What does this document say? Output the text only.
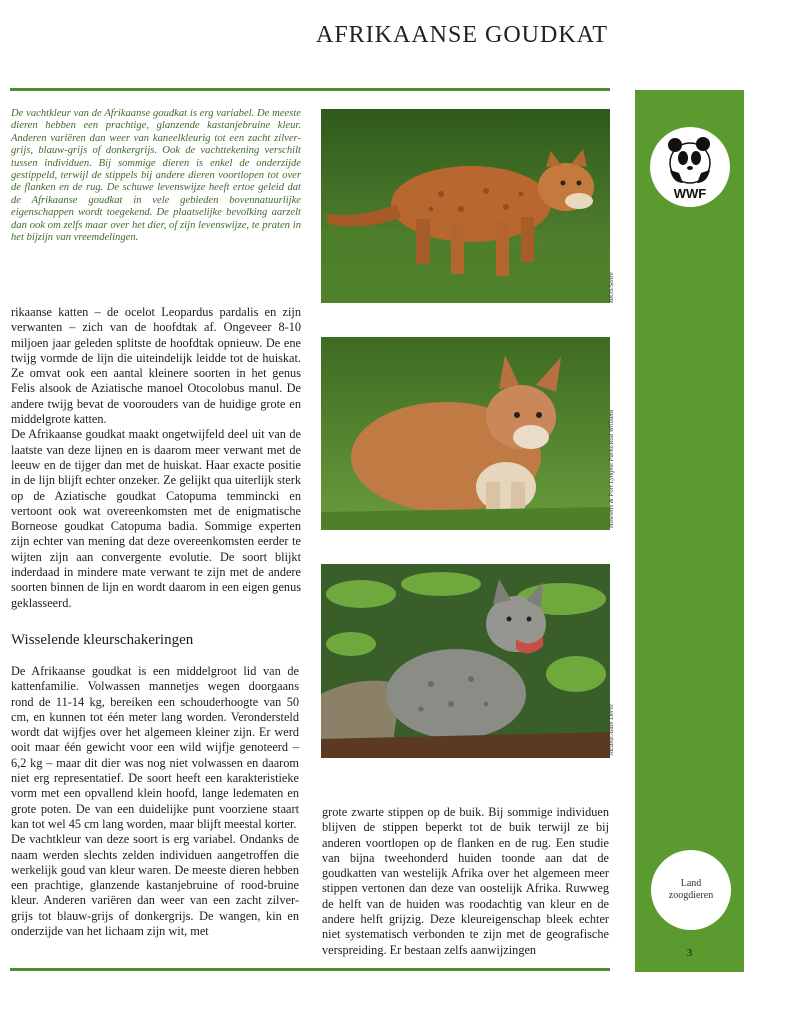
AFRIKAANSE GOUDKAT

De vachtkleur van de Afrikaanse goudkat is erg variabel. De meeste dieren hebben een prachtige, glanzende kastanjebruine kleur. Anderen variëren dan weer van kaneelkleurig tot een zacht zilver-grijs, blauw-grijs of donkergrijs. Ook de vachttekening verschilt tussen individuen. Bij sommige dieren is enkel de onderzijde gestippeld, terwijl de stippels bij andere dieren voortlopen tot over de flanken en de rug. De schuwe levenswijze heeft ertoe geleid dat de Afrikaanse goudkat in vele gebieden bovennatuurlijke eigenschappen wordt toegekend. De plaatselijke bevolking aarzelt dan ook om zelfs maar over het dier, of zijn levenswijze, te praten in het bijzijn van vreemdelingen.

rikaanse katten – de ocelot Leopardus pardalis en zijn verwanten – zich van de hoofdtak af. Ongeveer 8-10 miljoen jaar geleden splitste de hoofdtak opnieuw. De ene twijg vormde de lijn die uiteindelijk leidde tot de huiskat. Ze omvat ook een aantal kleinere soorten in het genus Felis alsook de Aziatische manoel Otocolobus manul. De andere twijg bevat de voorouders van de huidige grote en middelgrote katten.

De Afrikaanse goudkat maakt ongetwijfeld deel uit van de laatste van deze lijnen en is daarom meer verwant met de leeuw en de tijger dan met de huiskat. Haar exacte positie in de lijn blijft echter onzeker. Ze gelijkt qua uiterlijk sterk op de Aziatische goudkat Catopuma temmincki en vertoont ook wat overeenkomsten met de enigmatische Borneose goudkat Catopuma badia. Sommige experten zijn echter van mening dat deze overeenkomsten eerder te wijten zijn aan convergente evolutie. De soort blijkt inderdaad in mindere mate verwant te zijn met de andere soorten binnen de lijn en wordt daarom in een eigen genus geklasseerd.

Wisselende kleurschakeringen

De Afrikaanse goudkat is een middelgroot lid van de kattenfamilie. Volwassen mannetjes wegen doorgaans rond de 11-14 kg, bereiken een schouderhoogte van 50 cm, en kunnen tot één meter lang worden. Verondersteld wordt dat wijfjes over het algemeen kleiner zijn. Er werd ooit maar één gewicht voor een wild wijfje genoteerd – 6,2 kg – maar dit dier was nog niet volwassen en daarom niet erg representatief. De soort heeft een karakteristieke vorm met een opvallend klein hoofd, lange ledematen en grote poten. De van een duidelijke punt voorziene staart kan tot wel 45 cm lang worden, maar blijft meestal korter.

De vachtkleur van deze soort is erg variabel. Ondanks de naam werden slechts zelden individuen aangetroffen die werkelijk goud van kleur waren. De meeste dieren hebben een prachtige, glanzende kastanjebruine of rood-bruine kleur. Anderen variëren dan weer van een zacht zilver-grijs tot blauw-grijs of donkergrijs. De wangen, kin en onderzijde van het lichaam zijn wit, met

grote zwarte stippen op de buik. Bij sommige individuen blijven de stippen beperkt tot de buik terwijl ze bij anderen voortlopen op de flanken en de rug. Een studie van bijna tweehonderd huiden toonde aan dat de goudkatten van westelijk Afrika over het algemeen meer stippen vertonen dan deze van oostelijk Afrika. Ruwweg de helft van de huiden was roodachtig van kleur en de andere helft grijzig. Deze kleureigenschap bleek echter niet systematisch verbonden te zijn met de geografische verspreiding. Er bestaan zelfs aanwijzingen

BIOS/Seitre
Howletts & Port Lympne Parks/Rod Williams
Jacana/Alain Dervz
WWF
Land
zoogdieren
3
